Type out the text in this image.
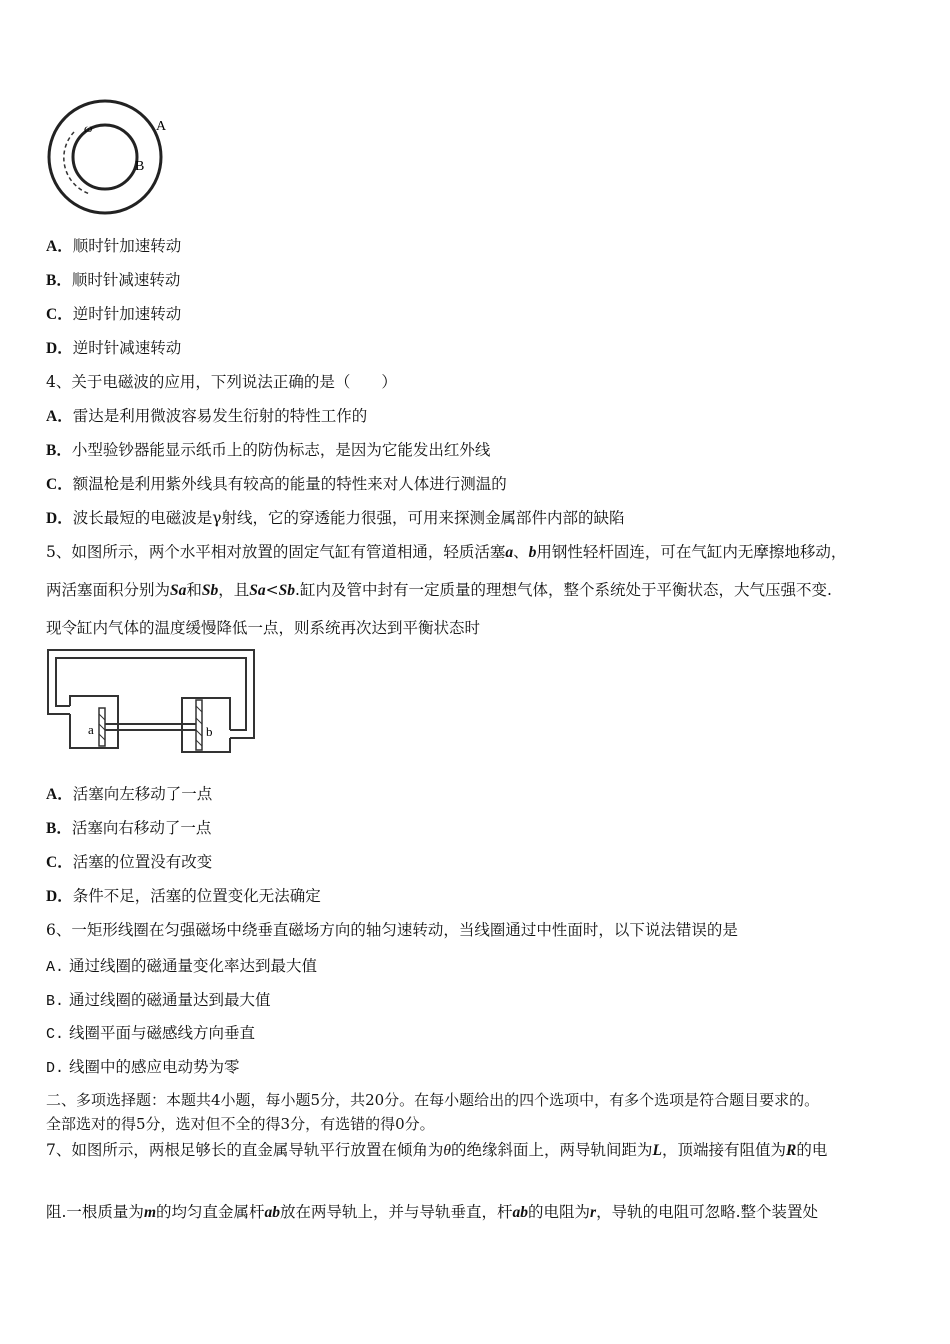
ω	A
B
A．顺时针加速转动
B．顺时针减速转动
C．逆时针加速转动
D．逆时针减速转动
4、关于电磁波的应用，下列说法正确的是（　　）
A．雷达是利用微波容易发生衍射的特性工作的
B．小型验钞器能显示纸币上的防伪标志，是因为它能发出红外线
C．额温枪是利用紫外线具有较高的能量的特性来对人体进行测温的
D．波长最短的电磁波是γ射线，它的穿透能力很强，可用来探测金属部件内部的缺陷
5、如图所示，两个水平相对放置的固定气缸有管道相通，轻质活塞a、b用钢性轻杆固连，可在气缸内无摩擦地移动，
两活塞面积分别为Sa和Sb，且Sa<Sb.缸内及管中封有一定质量的理想气体，整个系统处于平衡状态，大气压强不变.
现令缸内气体的温度缓慢降低一点，则系统再次达到平衡状态时
a	b
A．活塞向左移动了一点
B．活塞向右移动了一点
C．活塞的位置没有改变
D．条件不足，活塞的位置变化无法确定
6、一矩形线圈在匀强磁场中绕垂直磁场方向的轴匀速转动，当线圈通过中性面时，以下说法错误的是
A. 通过线圈的磁通量变化率达到最大值
B. 通过线圈的磁通量达到最大值
C. 线圈平面与磁感线方向垂直
D. 线圈中的感应电动势为零
二、多项选择题：本题共4小题，每小题5分，共20分。在每小题给出的四个选项中，有多个选项是符合题目要求的。
全部选对的得5分，选对但不全的得3分，有选错的得0分。
7、如图所示，两根足够长的直金属导轨平行放置在倾角为θ的绝缘斜面上，两导轨间距为L，顶端接有阻值为R的电
阻.一根质量为m的均匀直金属杆ab放在两导轨上，并与导轨垂直，杆ab的电阻为r，导轨的电阻可忽略.整个装置处
